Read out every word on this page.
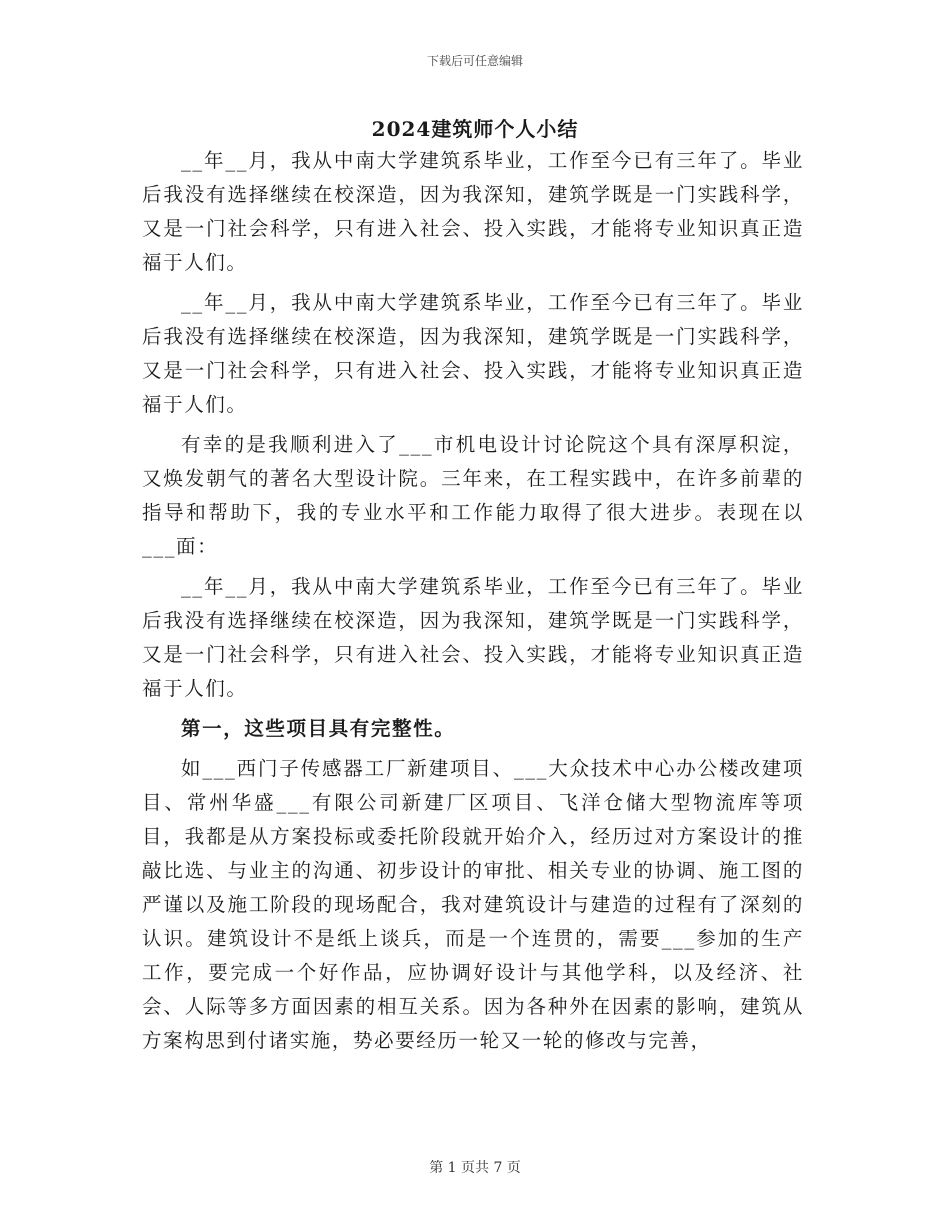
下载后可任意编辑
2024建筑师个人小结

__年__月，我从中南大学建筑系毕业，工作至今已有三年了。毕业后我没有选择继续在校深造，因为我深知，建筑学既是一门实践科学，又是一门社会科学，只有进入社会、投入实践，才能将专业知识真正造福于人们。

__年__月，我从中南大学建筑系毕业，工作至今已有三年了。毕业后我没有选择继续在校深造，因为我深知，建筑学既是一门实践科学，又是一门社会科学，只有进入社会、投入实践，才能将专业知识真正造福于人们。

有幸的是我顺利进入了___市机电设计讨论院这个具有深厚积淀，又焕发朝气的著名大型设计院。三年来，在工程实践中，在许多前辈的指导和帮助下，我的专业水平和工作能力取得了很大进步。表现在以___面：

__年__月，我从中南大学建筑系毕业，工作至今已有三年了。毕业后我没有选择继续在校深造，因为我深知，建筑学既是一门实践科学，又是一门社会科学，只有进入社会、投入实践，才能将专业知识真正造福于人们。

第一，这些项目具有完整性。

如___西门子传感器工厂新建项目、___大众技术中心办公楼改建项目、常州华盛___有限公司新建厂区项目、飞洋仓储大型物流库等项目，我都是从方案投标或委托阶段就开始介入，经历过对方案设计的推敲比选、与业主的沟通、初步设计的审批、相关专业的协调、施工图的严谨以及施工阶段的现场配合，我对建筑设计与建造的过程有了深刻的认识。建筑设计不是纸上谈兵，而是一个连贯的，需要___参加的生产工作，要完成一个好作品，应协调好设计与其他学科，以及经济、社会、人际等多方面因素的相互关系。因为各种外在因素的影响，建筑从方案构思到付诸实施，势必要经历一轮又一轮的修改与完善，

第 1 页共 7 页
